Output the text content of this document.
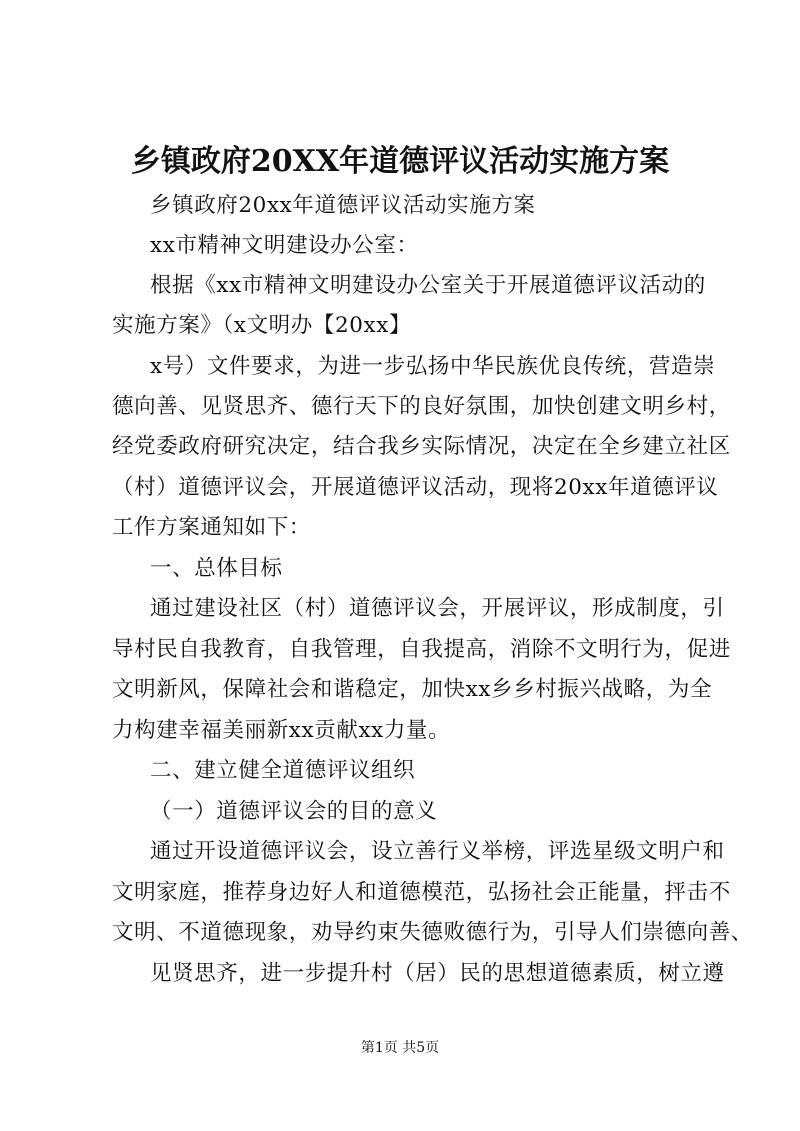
乡镇政府20XX年道德评议活动实施方案
乡镇政府20xx年道德评议活动实施方案
xx市精神文明建设办公室：
根据《xx市精神文明建设办公室关于开展道德评议活动的
实施方案》（x文明办【20xx】
x号）文件要求，为进一步弘扬中华民族优良传统，营造崇
德向善、见贤思齐、德行天下的良好氛围，加快创建文明乡村，
经党委政府研究决定，结合我乡实际情况，决定在全乡建立社区
（村）道德评议会，开展道德评议活动，现将20xx年道德评议
工作方案通知如下：
一、总体目标
通过建设社区（村）道德评议会，开展评议，形成制度，引
导村民自我教育，自我管理，自我提高，消除不文明行为，促进
文明新风，保障社会和谐稳定，加快xx乡乡村振兴战略，为全
力构建幸福美丽新xx贡献xx力量。
二、建立健全道德评议组织
（一）道德评议会的目的意义
通过开设道德评议会，设立善行义举榜，评选星级文明户和
文明家庭，推荐身边好人和道德模范，弘扬社会正能量，抨击不
文明、不道德现象，劝导约束失德败德行为，引导人们崇德向善、
见贤思齐，进一步提升村（居）民的思想道德素质，树立遵
第1页 共5页
